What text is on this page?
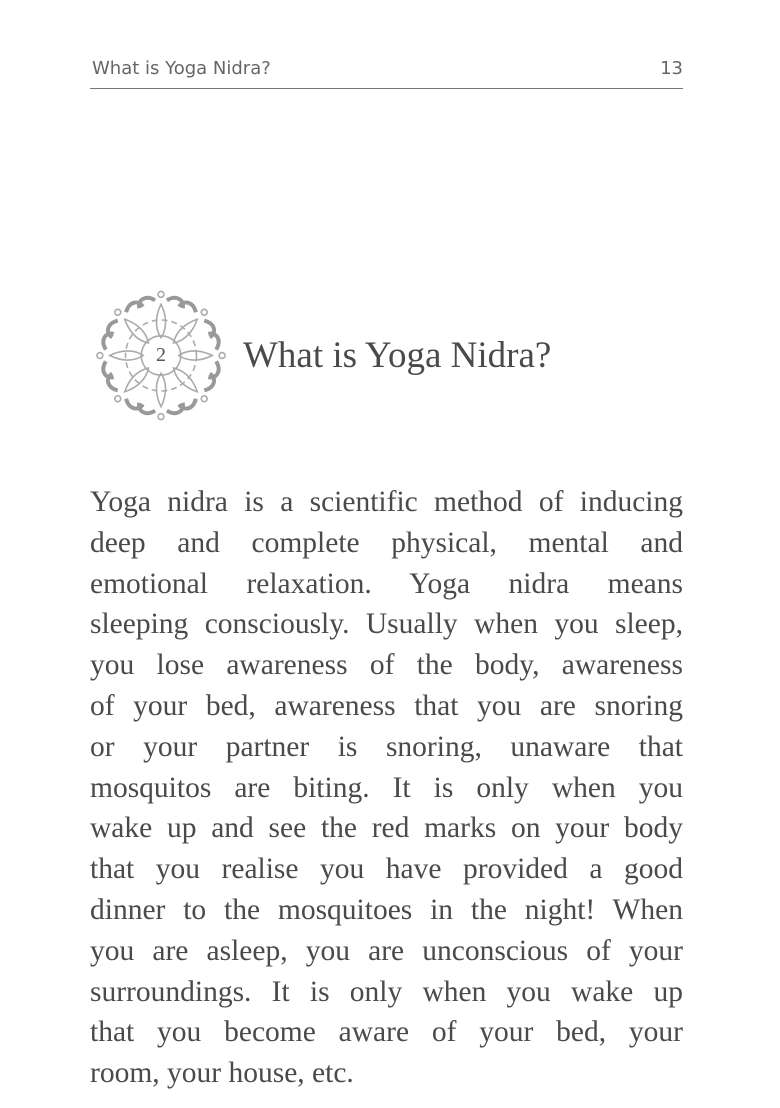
What is Yoga Nidra?	13
2	What is Yoga Nidra?
Yoga nidra is a scientific method of inducing
deep and complete physical, mental and
emotional relaxation. Yoga nidra means
sleeping consciously. Usually when you sleep,
you lose awareness of the body, awareness
of your bed, awareness that you are snoring
or your partner is snoring, unaware that
mosquitos are biting. It is only when you
wake up and see the red marks on your body
that you realise you have provided a good
dinner to the mosquitoes in the night! When
you are asleep, you are unconscious of your
surroundings. It is only when you wake up
that you become aware of your bed, your
room, your house, etc.
